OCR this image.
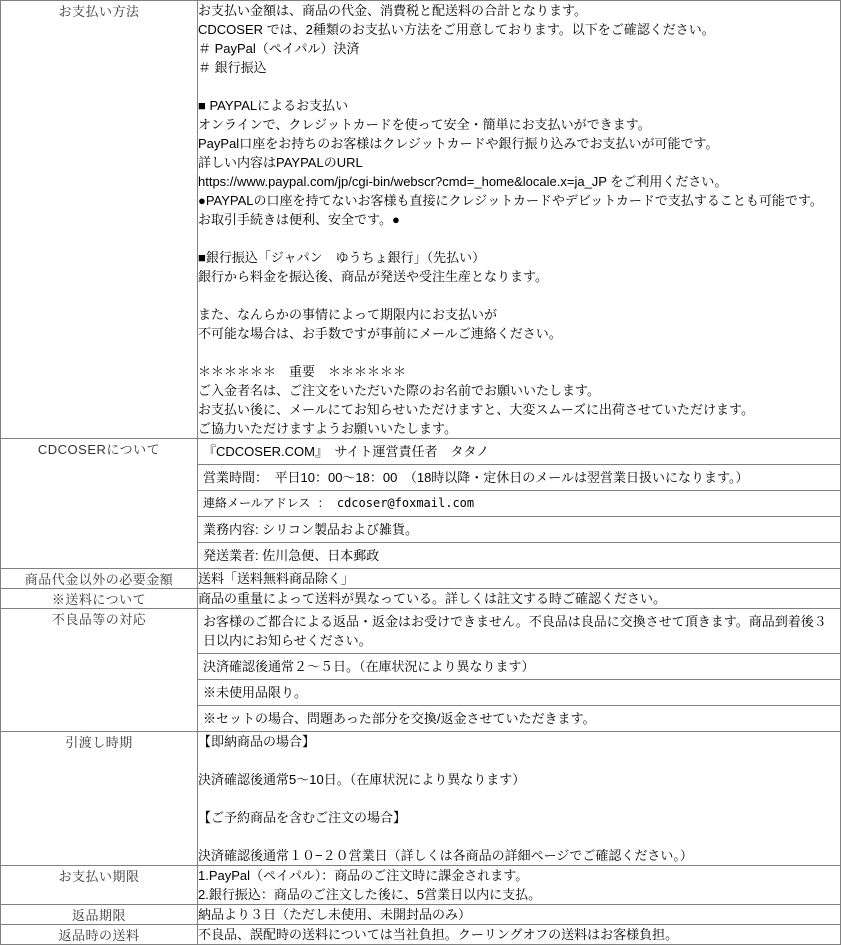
お支払い方法	お支払い金額は、商品の代金、消費税と配送料の合計となります。
CDCOSER では、2種類のお支払い方法をご用意しております。以下をご確認ください。
＃ PayPal（ペイパル）決済
＃ 銀行振込
■ PAYPALによるお支払い
オンラインで、クレジットカードを使って安全・簡単にお支払いができます。
PayPal口座をお持ちのお客様はクレジットカードや銀行振り込みでお支払いが可能です。
詳しい内容はPAYPALのURL
https://www.paypal.com/jp/cgi-bin/webscr?cmd=_home&locale.x=ja_JP をご利用ください。
●PAYPALの口座を持てないお客様も直接にクレジットカードやデビットカードで支払することも可能です。
お取引手続きは便利、安全です。●
■銀行振込「ジャパン　ゆうちょ銀行」（先払い）
銀行から料金を振込後、商品が発送や受注生産となります。
また、なんらかの事情によって期限内にお支払いが
不可能な場合は、お手数ですが事前にメールご連絡ください。
＊＊＊＊＊＊　重要　＊＊＊＊＊＊
ご入金者名は、ご注文をいただいた際のお名前でお願いいたします。
お支払い後に、メールにてお知らせいただけますと、大変スムーズに出荷させていただけます。
ご協力いただけますようお願いいたします。

CDCOSERについて	『CDCOSER.COM』　サイト運営責任者　タタノ
営業時間：　平日10：00〜18：00　（18時以降・定休日のメールは翌営業日扱いになります。）
連絡メールアドレス ： cdcoser@foxmail.com
業務内容: シリコン製品および雑貨。
発送業者: 佐川急便、日本郵政

商品代金以外の必要金額	送料「送料無料商品除く」

※送料について	商品の重量によって送料が異なっている。詳しくは註文する時ご確認ください。

不良品等の対応	お客様のご都合による返品・返金はお受けできません。不良品は良品に交換させて頂きます。商品到着後３日以内にお知らせください。
決済確認後通常２〜５日。（在庫状況により異なります）
※未使用品限り。
※セットの場合、問題あった部分を交換/返金させていただきます。

引渡し時期	【即納商品の場合】
決済確認後通常5〜10日。（在庫状況により異なります）
【ご予約商品を含むご注文の場合】
決済確認後通常１０−２０営業日（詳しくは各商品の詳細ページでご確認ください。）

お支払い期限	1.PayPal（ペイパル）：商品のご注文時に課金されます。
2.銀行振込：商品のご注文した後に、5営業日以内に支払。

返品期限	納品より３日（ただし未使用、未開封品のみ）

返品時の送料	不良品、誤配時の送料については当社負担。クーリングオフの送料はお客様負担。
